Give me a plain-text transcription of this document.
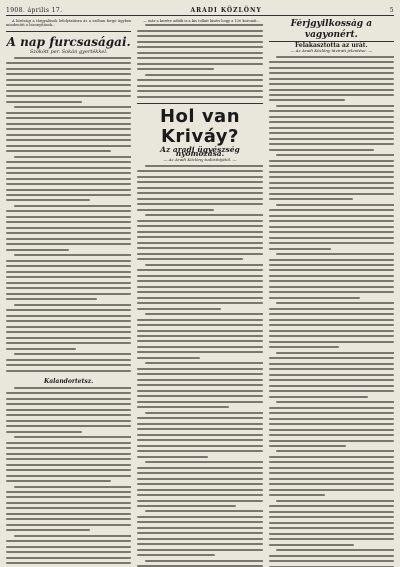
1908. április 17.	ARADI KÖZLÖNY	5

A bírósági a tárgyalások lefolytatásra ás a szóban forgó ügyben mindenütt a bizonyítások...

A nap furcsaságai.
Szökött per. Sokán gyertékkel.
Kalandortetsz.

— már a kezére adták is a kis tollait kiséri hogy a 120 koronát...

Hol van Kriváy?
Az aradi ügyészség nyomozása.
— Az Aradi Közlöny tudósítójától. —
Férjgyilkosság a vagyonért.
Felakasztotta az urát.
— Az Aradi Közlöny távirati jelentése. —
